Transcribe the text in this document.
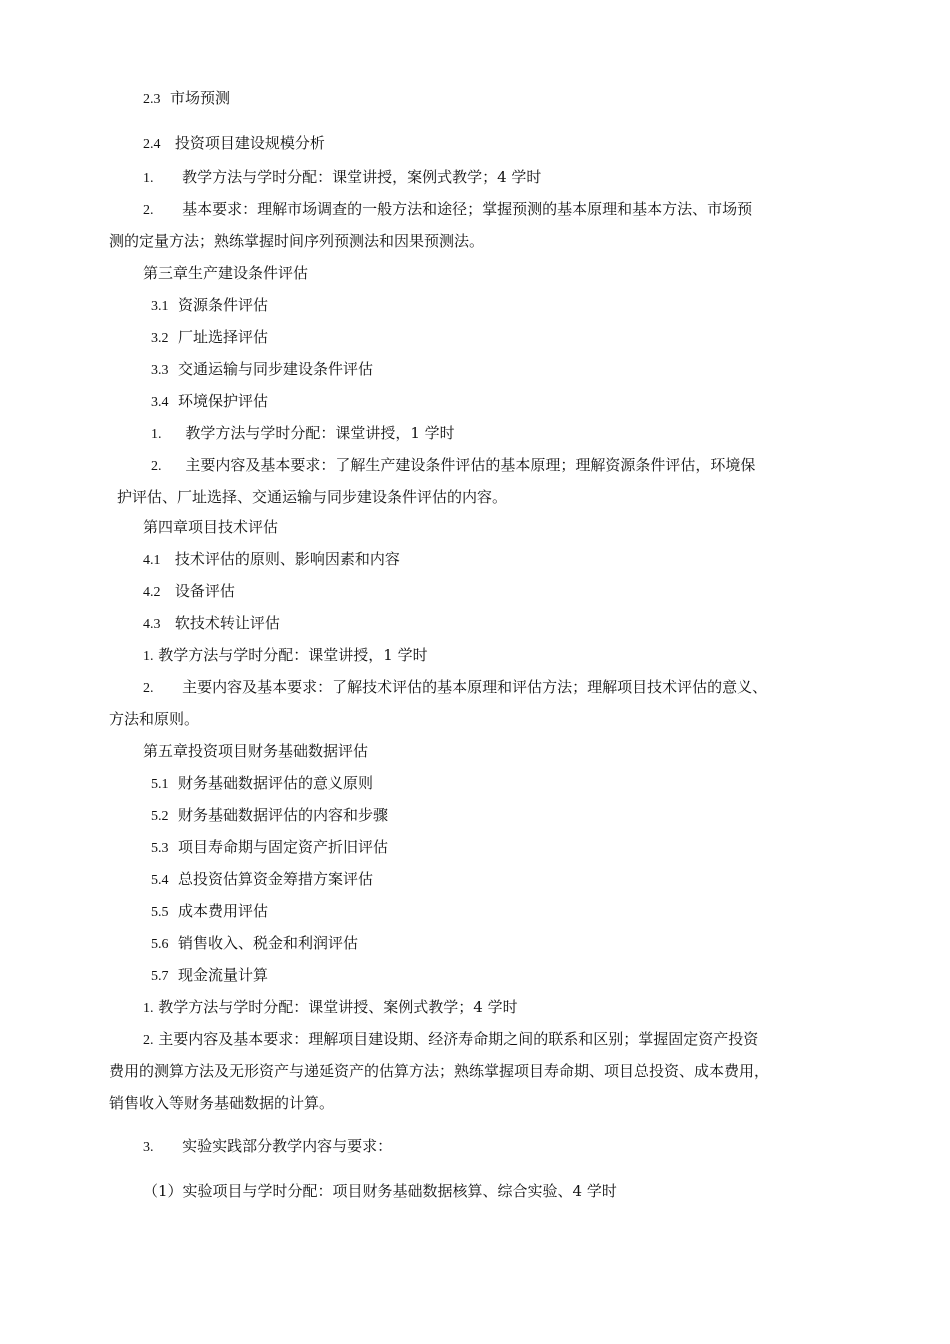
2.3 市场预测
2.4 投资项目建设规模分析
1. 教学方法与学时分配：课堂讲授，案例式教学；4 学时
2. 基本要求：理解市场调查的一般方法和途径；掌握预测的基本原理和基本方法、市场预
测的定量方法；熟练掌握时间序列预测法和因果预测法。
第三章生产建设条件评估
3.1 资源条件评估
3.2 厂址选择评估
3.3 交通运输与同步建设条件评估
3.4 环境保护评估
1. 教学方法与学时分配：课堂讲授，1 学时
2. 主要内容及基本要求：了解生产建设条件评估的基本原理；理解资源条件评估，环境保
护评估、厂址选择、交通运输与同步建设条件评估的内容。
第四章项目技术评估
4.1 技术评估的原则、影响因素和内容
4.2 设备评估
4.3 软技术转让评估
1. 教学方法与学时分配：课堂讲授，1 学时
2. 主要内容及基本要求：了解技术评估的基本原理和评估方法；理解项目技术评估的意义、
方法和原则。
第五章投资项目财务基础数据评估
5.1 财务基础数据评估的意义原则
5.2 财务基础数据评估的内容和步骤
5.3 项目寿命期与固定资产折旧评估
5.4 总投资估算资金筹措方案评估
5.5 成本费用评估
5.6 销售收入、税金和利润评估
5.7 现金流量计算
1. 教学方法与学时分配：课堂讲授、案例式教学；4 学时
2. 主要内容及基本要求：理解项目建设期、经济寿命期之间的联系和区别；掌握固定资产投资
费用的测算方法及无形资产与递延资产的估算方法；熟练掌握项目寿命期、项目总投资、成本费用，
销售收入等财务基础数据的计算。
3. 实验实践部分教学内容与要求：
（1）实验项目与学时分配：项目财务基础数据核算、综合实验、4 学时
